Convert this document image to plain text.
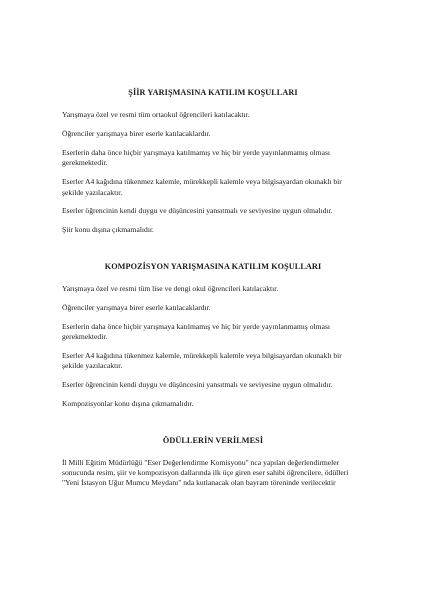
ŞİİR YARIŞMASINA KATILIM KOŞULLARI

Yarışmaya özel ve resmi tüm ortaokul öğrencileri katılacaktır.

Öğrenciler yarışmaya birer eserle katılacaklardır.

Eserlerin daha önce hiçbir yarışmaya katılmamış ve hiç bir yerde yayınlanmamış olması gerekmektedir.

Eserler A4 kağıdına tükenmez kalemle, mürekkepli kalemle veya bilgisayardan okunaklı bir şekilde yazılacaktır.

Eserler öğrencinin kendi duygu ve düşüncesini yansıtmalı ve seviyesine uygun olmalıdır.

Şiir konu dışına çıkmamalıdır.

KOMPOZİSYON YARIŞMASINA KATILIM KOŞULLARI

Yarışmaya özel ve resmi tüm lise ve dengi okul öğrencileri katılacaktır.

Öğrenciler yarışmaya birer eserle katılacaklardır.

Eserlerin daha önce hiçbir yarışmaya katılmamış ve hiç bir yerde yayınlanmamış olması gerekmektedir.

Eserler A4 kağıdına tükenmez kalemle, mürekkepli kalemle veya bilgisayardan okunaklı bir şekilde yazılacaktır.

Eserler öğrencinin kendi duygu ve düşüncesini yansıtmalı ve seviyesine uygun olmalıdır.

Kompozisyonlar konu dışına çıkmamalıdır.

ÖDÜLLERİN VERİLMESİ

İl Milli Eğitim Müdürlüğü "Eser Değerlendirme Komisyonu" nca yapılan değerlendirmeler sonucunda resim, şiir ve kompozisyon dallarında ilk üçe giren eser sahibi öğrencilere, ödülleri "Yeni İstasyon Uğur Mumcu Meydanı" nda kutlanacak olan bayram töreninde verilecektir
